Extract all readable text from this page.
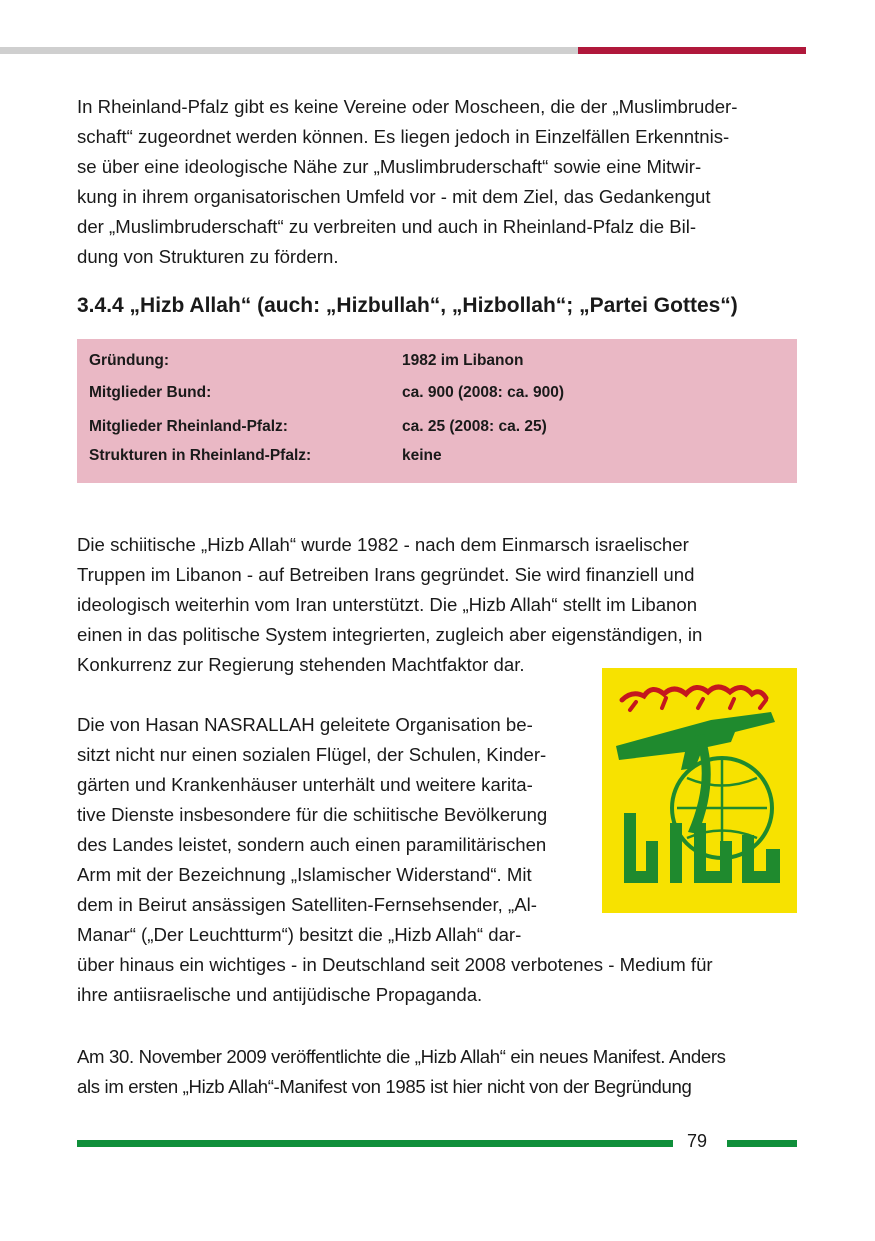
In Rheinland-Pfalz gibt es keine Vereine oder Moscheen, die der „Muslimbruder-
schaft“ zugeordnet werden können. Es liegen jedoch in Einzelfällen Erkenntnis-
se über eine ideologische Nähe zur „Muslimbruderschaft“ sowie eine Mitwir-
kung in ihrem organisatorischen Umfeld vor - mit dem Ziel, das Gedankengut
der „Muslimbruderschaft“ zu verbreiten und auch in Rheinland-Pfalz die Bil-
dung von Strukturen zu fördern.
3.4.4 „Hizb Allah“ (auch: „Hizbullah“, „Hizbollah“; „Partei Gottes“)
Gründung:	1982 im Libanon
Mitglieder Bund:	ca. 900 (2008: ca. 900)
Mitglieder Rheinland-Pfalz:	ca. 25 (2008: ca. 25)
Strukturen in Rheinland-Pfalz:	keine
Die schiitische „Hizb Allah“ wurde 1982 - nach dem Einmarsch israelischer
Truppen im Libanon - auf Betreiben Irans gegründet. Sie wird finanziell und
ideologisch weiterhin vom Iran unterstützt. Die „Hizb Allah“ stellt im Libanon
einen in das politische System integrierten, zugleich aber eigenständigen, in
Konkurrenz zur Regierung stehenden Machtfaktor dar.
Die von Hasan NASRALLAH geleitete Organisation be-
sitzt nicht nur einen sozialen Flügel, der Schulen, Kinder-
gärten und Krankenhäuser unterhält und weitere karita-
tive Dienste insbesondere für die schiitische Bevölkerung
des Landes leistet, sondern auch einen paramilitärischen
Arm mit der Bezeichnung „Islamischer Widerstand“. Mit
dem in Beirut ansässigen Satelliten-Fernsehsender, „Al-
Manar“ („Der Leuchtturm“) besitzt die „Hizb Allah“ dar-
über hinaus ein wichtiges - in Deutschland seit 2008 verbotenes - Medium für
ihre antiisraelische und antijüdische Propaganda.
Am 30. November 2009 veröffentlichte die „Hizb Allah“ ein neues Manifest. Anders
als im ersten „Hizb Allah“-Manifest von 1985 ist hier nicht von der Begründung
79
